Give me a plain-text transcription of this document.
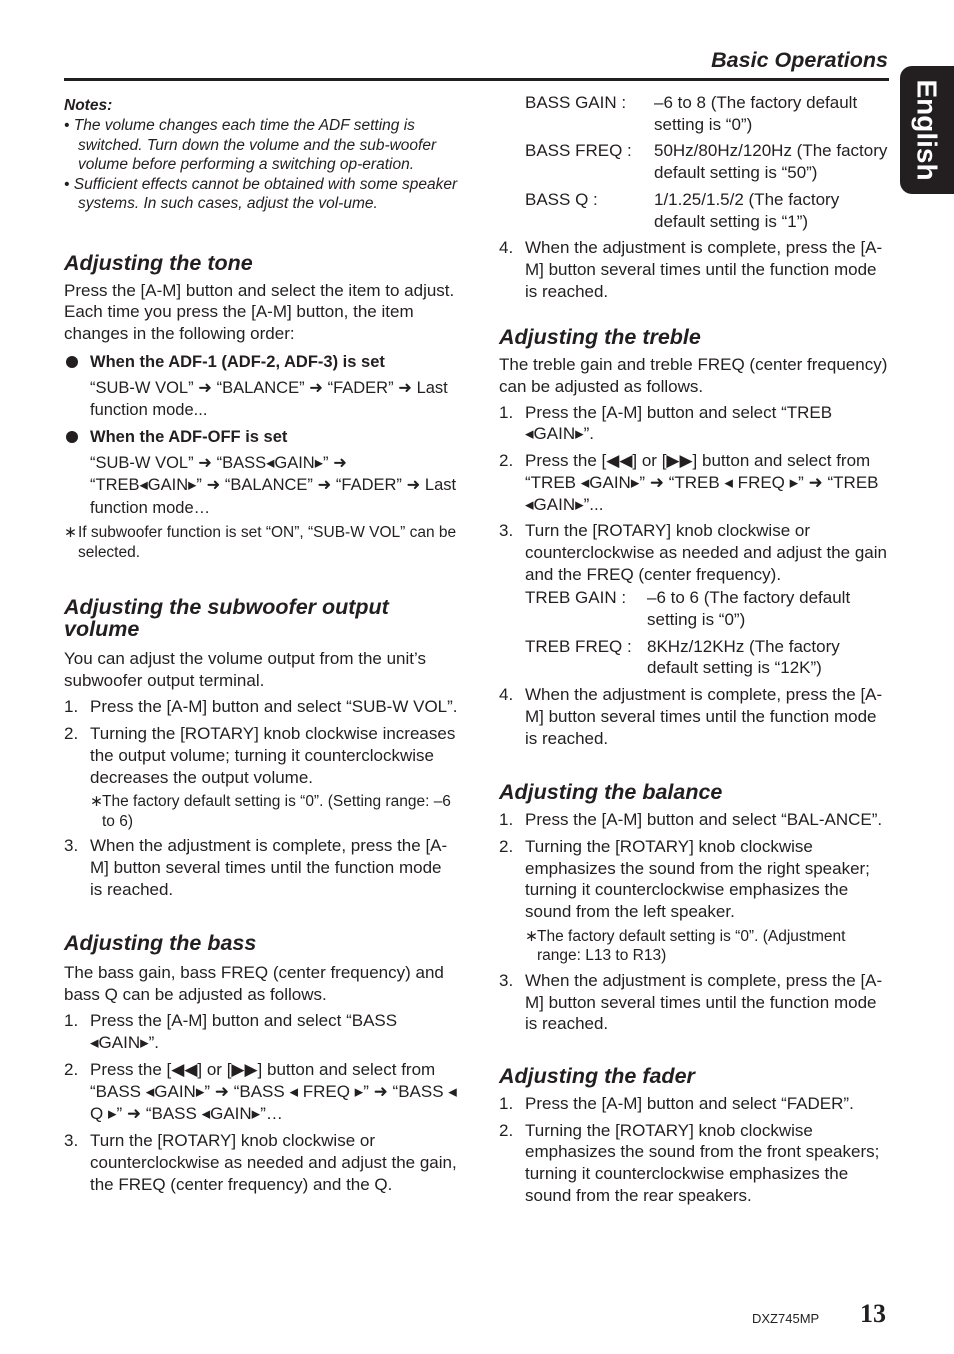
Basic Operations
English
Notes:
• The volume changes each time the ADF setting is switched. Turn down the volume and the sub-woofer volume before performing a switching op-eration.
• Sufficient effects cannot be obtained with some speaker systems. In such cases, adjust the vol-ume.
Adjusting the tone
Press the [A-M] button and select the item to adjust. Each time you press the [A-M] button, the item changes in the following order:
When the ADF-1 (ADF-2, ADF-3) is set
“SUB-W VOL” ➜ “BALANCE” ➜ “FADER” ➜ Last function mode...
When the ADF-OFF is set
“SUB-W VOL” ➜ “BASS◂GAIN▸” ➜ “TREB◂GAIN▸” ➜ “BALANCE” ➜ “FADER” ➜ Last function mode…
∗ If subwoofer function is set “ON”, “SUB-W VOL” can be selected.
Adjusting the subwoofer output volume
You can adjust the volume output from the unit’s subwoofer output terminal.
1. Press the [A-M] button and select “SUB-W VOL”.
2. Turning the [ROTARY] knob clockwise increases the output volume; turning it counterclockwise decreases the output volume.
∗ The factory default setting is “0”. (Setting range: –6 to 6)
3. When the adjustment is complete, press the [A-M] button several times until the function mode is reached.
Adjusting the bass
The bass gain, bass FREQ (center frequency) and bass Q can be adjusted as follows.
1. Press the [A-M] button and select “BASS ◂GAIN▸”.
2. Press the [◀◀] or [▶▶] button and select from “BASS ◂GAIN▸” ➜ “BASS ◂ FREQ ▸” ➜ “BASS ◂ Q ▸” ➜ “BASS ◂GAIN▸”…
3. Turn the [ROTARY] knob clockwise or counterclockwise as needed and adjust the gain, the FREQ (center frequency) and the Q.
BASS GAIN :	–6 to 8 (The factory default setting is “0”)
BASS FREQ :	50Hz/80Hz/120Hz (The factory default setting is “50”)
BASS Q :	1/1.25/1.5/2 (The factory default setting is “1”)
4. When the adjustment is complete, press the [A-M] button several times until the function mode is reached.
Adjusting the treble
The treble gain and treble FREQ (center frequency) can be adjusted as follows.
1. Press the [A-M] button and select “TREB ◂GAIN▸”.
2. Press the [◀◀] or [▶▶] button and select from “TREB ◂GAIN▸” ➜ “TREB ◂ FREQ ▸” ➜ “TREB ◂GAIN▸”...
3. Turn the [ROTARY] knob clockwise or counterclockwise as needed and adjust the gain and the FREQ (center frequency).
TREB GAIN :	–6 to 6 (The factory default setting is “0”)
TREB FREQ : 8KHz/12KHz (The factory default setting is “12K”)
4. When the adjustment is complete, press the [A-M] button several times until the function mode is reached.
Adjusting the balance
1. Press the [A-M] button and select “BAL-ANCE”.
2. Turning the [ROTARY] knob clockwise emphasizes the sound from the right speaker; turning it counterclockwise emphasizes the sound from the left speaker.
∗ The factory default setting is “0”. (Adjustment range: L13 to R13)
3. When the adjustment is complete, press the [A-M] button several times until the function mode is reached.
Adjusting the fader
1. Press the [A-M] button and select “FADER”.
2. Turning the [ROTARY] knob clockwise emphasizes the sound from the front speakers; turning it counterclockwise emphasizes the sound from the rear speakers.
DXZ745MP 13
